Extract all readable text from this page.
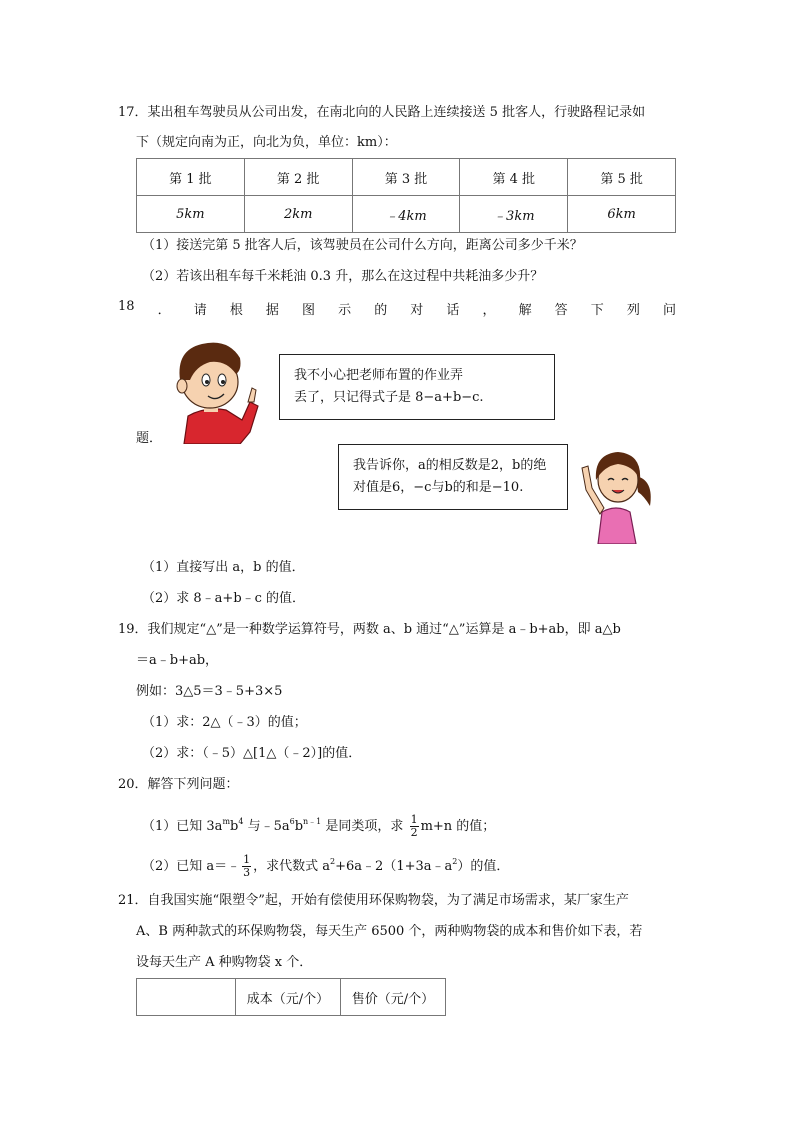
17．某出租车驾驶员从公司出发，在南北向的人民路上连续接送 5 批客人，行驶路程记录如
下（规定向南为正，向北为负，单位：km）：
第 1 批	第 2 批	第 3 批	第 4 批	第 5 批
5km	2km	﹣4km	﹣3km	6km
（1）接送完第 5 批客人后，该驾驶员在公司什么方向，距离公司多少千米？
（2）若该出租车每千米耗油 0.3 升，那么在这过程中共耗油多少升？
18 ． 请 根 据 图 示 的 对 话 ， 解 答 下 列 问
题．
我不小心把老师布置的作业弄
丢了，只记得式子是 8−a+b−c.
我告诉你，a的相反数是2，b的绝
对值是6，−c与b的和是−10.
（1）直接写出 a，b 的值．
（2）求 8﹣a+b﹣c 的值．
19．我们规定“△”是一种数学运算符号，两数 a、b 通过“△”运算是 a﹣b+ab，即 a△b
＝a﹣b+ab，
例如：3△5＝3﹣5+3×5
（1）求：2△（﹣3）的值；
（2）求：（﹣5）△[1△（﹣2）]的值．
20．解答下列问题：
（1）已知 $3a^mb^4$ 与$﹣5a^6b^{n﹣1}$ 是同类项，求 $\frac{1}{2} m+n$ 的值；
（2）已知 a＝﹣ $\frac{1}{3}$ ，求代数式 $a^2+6a﹣2(1+3a﹣a^2)$的值．
21．自我国实施“限塑令”起，开始有偿使用环保购物袋，为了满足市场需求，某厂家生产
A、B 两种款式的环保购物袋，每天生产 6500 个，两种购物袋的成本和售价如下表，若
设每天生产 A 种购物袋 x 个．
	成本（元/个）	售价（元/个）
